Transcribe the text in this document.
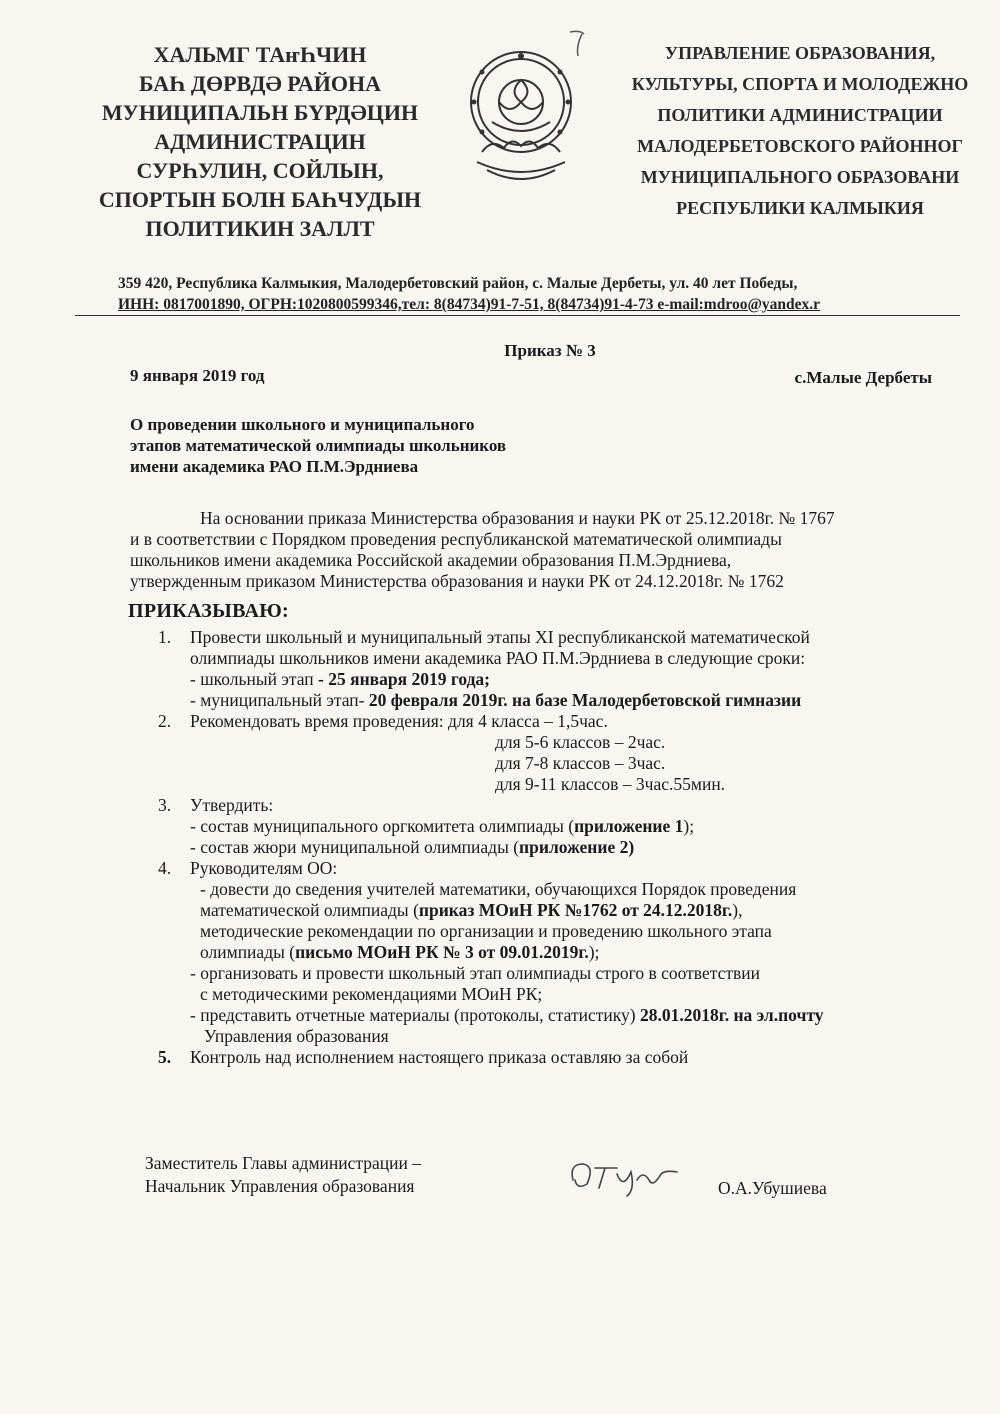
ХАЛЬМГ ТАҥҺЧИН
БАҺ ДӨРВДӘ РАЙОНА
МУНИЦИПАЛЬН БҮРДӘЦИН
АДМИНИСТРАЦИН
СУРҺУЛИН, СОЙЛЫН,
СПОРТЫН БОЛН БАҺЧУДЫН
ПОЛИТИКИН ЗАЛЛТ
УПРАВЛЕНИЕ ОБРАЗОВАНИЯ,
КУЛЬТУРЫ, СПОРТА И МОЛОДЕЖНО
ПОЛИТИКИ АДМИНИСТРАЦИИ
МАЛОДЕРБЕТОВСКОГО РАЙОННОГ
МУНИЦИПАЛЬНОГО ОБРАЗОВАНИ
РЕСПУБЛИКИ КАЛМЫКИЯ
359 420, Республика Калмыкия, Малодербетовский район, с. Малые Дербеты, ул. 40 лет Победы,
ИНН: 0817001890, ОГРН:1020800599346,тел: 8(84734)91-7-51, 8(84734)91-4-73 e-mail:mdroo@yandex.r
Приказ № 3
9 января 2019 год	с.Малые Дербеты
О проведении школьного и муниципального
этапов математической олимпиады школьников
имени академика РАО П.М.Эрдниева
На основании приказа Министерства образования и науки РК от 25.12.2018г. № 1767
и в соответствии с Порядком проведения республиканской математической олимпиады
школьников имени академика Российской академии образования П.М.Эрдниева,
утвержденным приказом Министерства образования и науки РК от 24.12.2018г. № 1762
ПРИКАЗЫВАЮ:
1. Провести школьный и муниципальный этапы XI республиканской математической
олимпиады школьников имени академика РАО П.М.Эрдниева в следующие сроки:
- школьный этап - 25 января 2019 года;
- муниципальный этап- 20 февраля 2019г. на базе Малодербетовской гимназии
2. Рекомендовать время проведения: для 4 класса – 1,5час.
для 5-6 классов – 2час.
для 7-8 классов – 3час.
для 9-11 классов – 3час.55мин.
3. Утвердить:
- состав муниципального оргкомитета олимпиады (приложение 1);
- состав жюри муниципальной олимпиады (приложение 2)
4. Руководителям ОО:
- довести до сведения учителей математики, обучающихся Порядок проведения
математической олимпиады (приказ МОиН РК №1762 от 24.12.2018г.),
методические рекомендации по организации и проведению школьного этапа
олимпиады (письмо МОиН РК № 3 от 09.01.2019г.);
- организовать и провести школьный этап олимпиады строго в соответствии
с методическими рекомендациями МОиН РК;
- представить отчетные материалы (протоколы, статистику) 28.01.2018г. на эл.почту
Управления образования
5. Контроль над исполнением настоящего приказа оставляю за собой
Заместитель Главы администрации –
Начальник Управления образования	О.А.Убушиева
